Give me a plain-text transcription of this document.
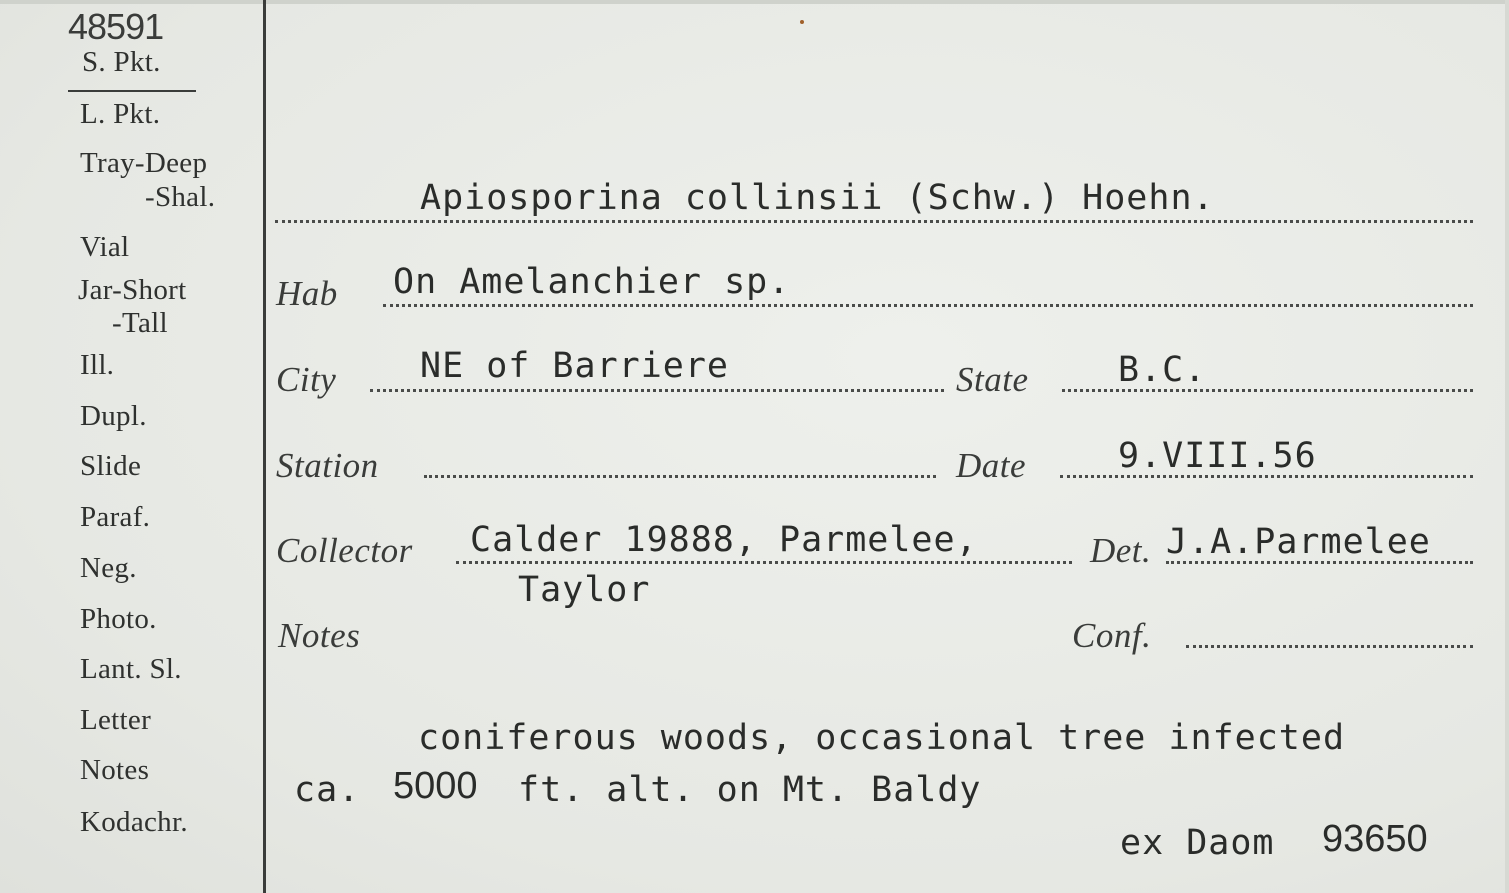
48591
S. Pkt.
L. Pkt.
Tray-Deep
-Shal.
Vial
Jar-Short
-Tall
Ill.
Dupl.
Slide
Paraf.
Neg.
Photo.
Lant. Sl.
Letter
Notes
Kodachr.
Apiosporina collinsii (Schw.) Hoehn.
Hab On Amelanchier sp.
City NE of Barriere	State	B.C.
Station	Date	9.VIII.56
Collector Calder 19888, Parmelee,	Det. J.A.Parmelee
Taylor
Notes	Conf.
coniferous woods, occasional tree infected
ca. 5000 ft. alt. on Mt. Baldy
ex Daom 93650
